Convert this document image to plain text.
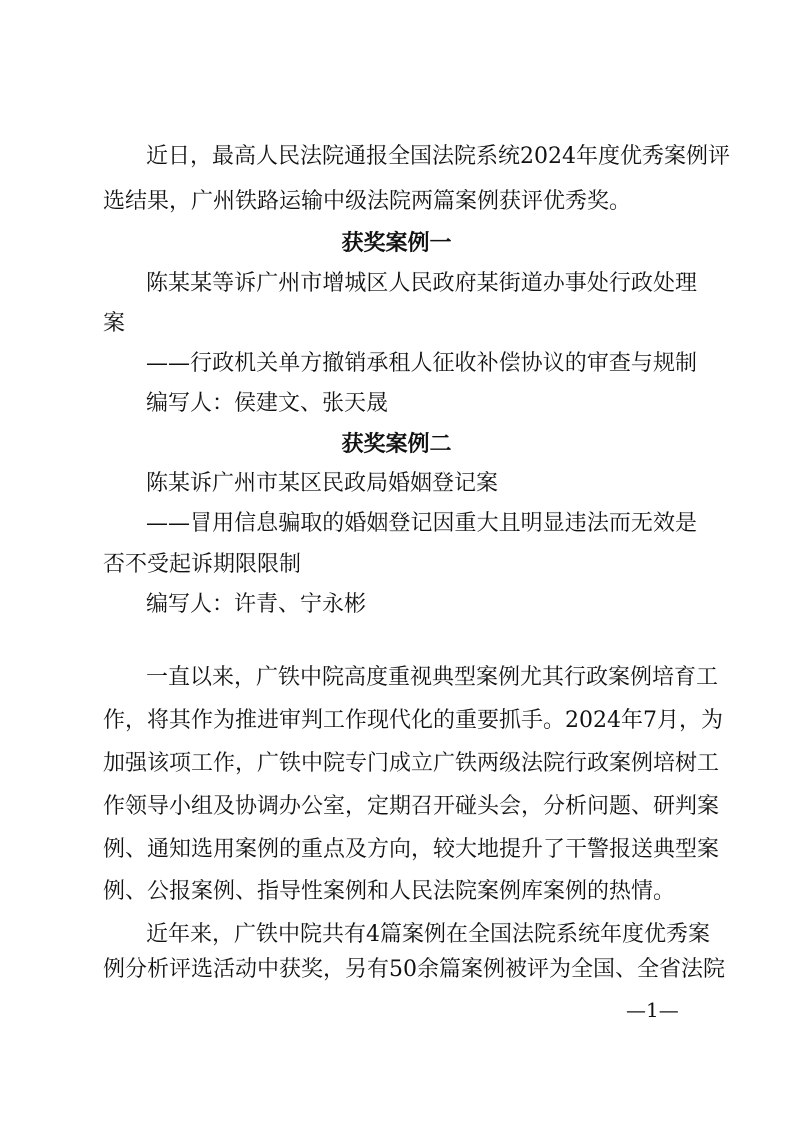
近日，最高人民法院通报全国法院系统2024年度优秀案例评
选结果，广州铁路运输中级法院两篇案例获评优秀奖。
获奖案例一
陈某某等诉广州市增城区人民政府某街道办事处行政处理
案
——行政机关单方撤销承租人征收补偿协议的审查与规制
编写人：侯建文、张天晟
获奖案例二
陈某诉广州市某区民政局婚姻登记案
——冒用信息骗取的婚姻登记因重大且明显违法而无效是
否不受起诉期限限制
编写人：许青、宁永彬
一直以来，广铁中院高度重视典型案例尤其行政案例培育工
作，将其作为推进审判工作现代化的重要抓手。2024年7月，为
加强该项工作，广铁中院专门成立广铁两级法院行政案例培树工
作领导小组及协调办公室，定期召开碰头会，分析问题、研判案
例、通知选用案例的重点及方向，较大地提升了干警报送典型案
例、公报案例、指导性案例和人民法院案例库案例的热情。
近年来，广铁中院共有4篇案例在全国法院系统年度优秀案
例分析评选活动中获奖，另有50余篇案例被评为全国、全省法院
—1—
